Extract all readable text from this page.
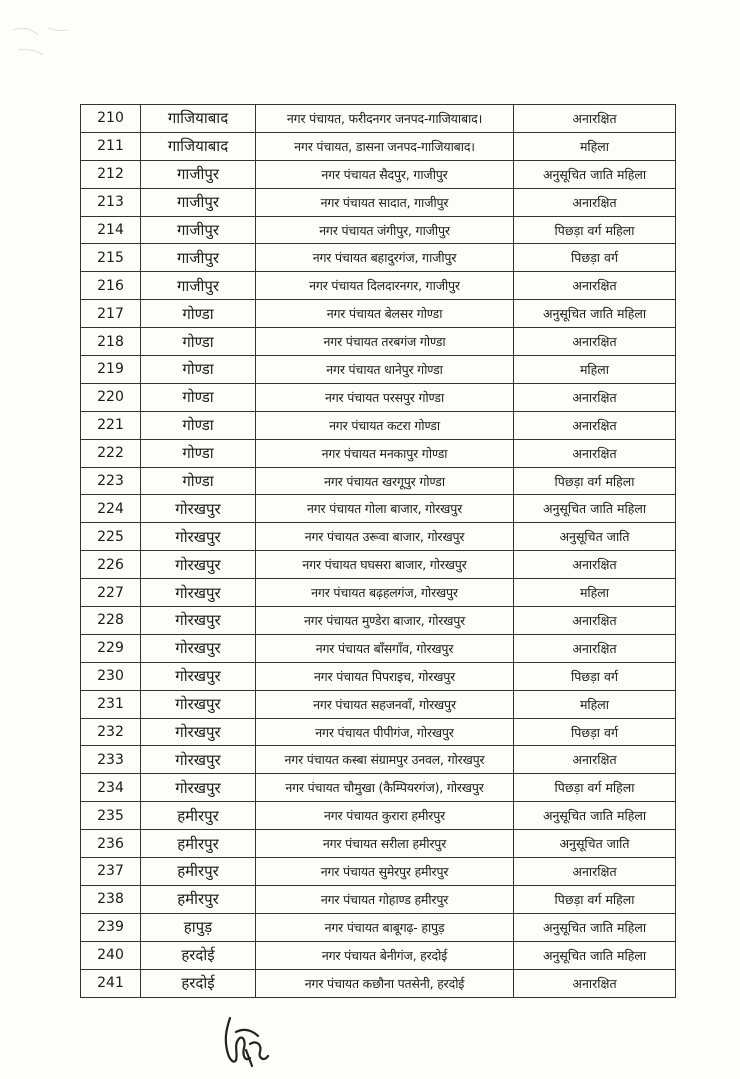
210	गाजियाबाद	नगर पंचायत, फरीदनगर जनपद-गाजियाबाद।	अनारक्षित
211	गाजियाबाद	नगर पंचायत, डासना जनपद-गाजियाबाद।	महिला
212	गाजीपुर	नगर पंचायत सैदपुर, गाजीपुर	अनुसूचित जाति महिला
213	गाजीपुर	नगर पंचायत सादात, गाजीपुर	अनारक्षित
214	गाजीपुर	नगर पंचायत जंगीपुर, गाजीपुर	पिछड़ा वर्ग महिला
215	गाजीपुर	नगर पंचायत बहादुरगंज, गाजीपुर	पिछड़ा वर्ग
216	गाजीपुर	नगर पंचायत दिलदारनगर, गाजीपुर	अनारक्षित
217	गोण्डा	नगर पंचायत बेलसर गोण्डा	अनुसूचित जाति महिला
218	गोण्डा	नगर पंचायत तरबगंज गोण्डा	अनारक्षित
219	गोण्डा	नगर पंचायत धानेपुर गोण्डा	महिला
220	गोण्डा	नगर पंचायत परसपुर गोण्डा	अनारक्षित
221	गोण्डा	नगर पंचायत कटरा गोण्डा	अनारक्षित
222	गोण्डा	नगर पंचायत मनकापुर गोण्डा	अनारक्षित
223	गोण्डा	नगर पंचायत खरगूपुर गोण्डा	पिछड़ा वर्ग महिला
224	गोरखपुर	नगर पंचायत गोला बाजार, गोरखपुर	अनुसूचित जाति महिला
225	गोरखपुर	नगर पंचायत उरूवा बाजार, गोरखपुर	अनुसूचित जाति
226	गोरखपुर	नगर पंचायत घघसरा बाजार, गोरखपुर	अनारक्षित
227	गोरखपुर	नगर पंचायत बढ़हलगंज, गोरखपुर	महिला
228	गोरखपुर	नगर पंचायत मुण्डेरा बाजार, गोरखपुर	अनारक्षित
229	गोरखपुर	नगर पंचायत बाँसगाँव, गोरखपुर	अनारक्षित
230	गोरखपुर	नगर पंचायत पिपराइच, गोरखपुर	पिछड़ा वर्ग
231	गोरखपुर	नगर पंचायत सहजनवाँ, गोरखपुर	महिला
232	गोरखपुर	नगर पंचायत पीपीगंज, गोरखपुर	पिछड़ा वर्ग
233	गोरखपुर	नगर पंचायत कस्बा संग्रामपुर उनवल, गोरखपुर	अनारक्षित
234	गोरखपुर	नगर पंचायत चौमुखा (कैम्पियरगंज), गोरखपुर	पिछड़ा वर्ग महिला
235	हमीरपुर	नगर पंचायत कुरारा हमीरपुर	अनुसूचित जाति महिला
236	हमीरपुर	नगर पंचायत सरीला हमीरपुर	अनुसूचित जाति
237	हमीरपुर	नगर पंचायत सुमेरपुर हमीरपुर	अनारक्षित
238	हमीरपुर	नगर पंचायत गोहाण्ड हमीरपुर	पिछड़ा वर्ग महिला
239	हापुड़	नगर पंचायत बाबूगढ़- हापुड़	अनुसूचित जाति महिला
240	हरदोई	नगर पंचायत बेनीगंज, हरदोई	अनुसूचित जाति महिला
241	हरदोई	नगर पंचायत कछौना पतसेनी, हरदोई	अनारक्षित
